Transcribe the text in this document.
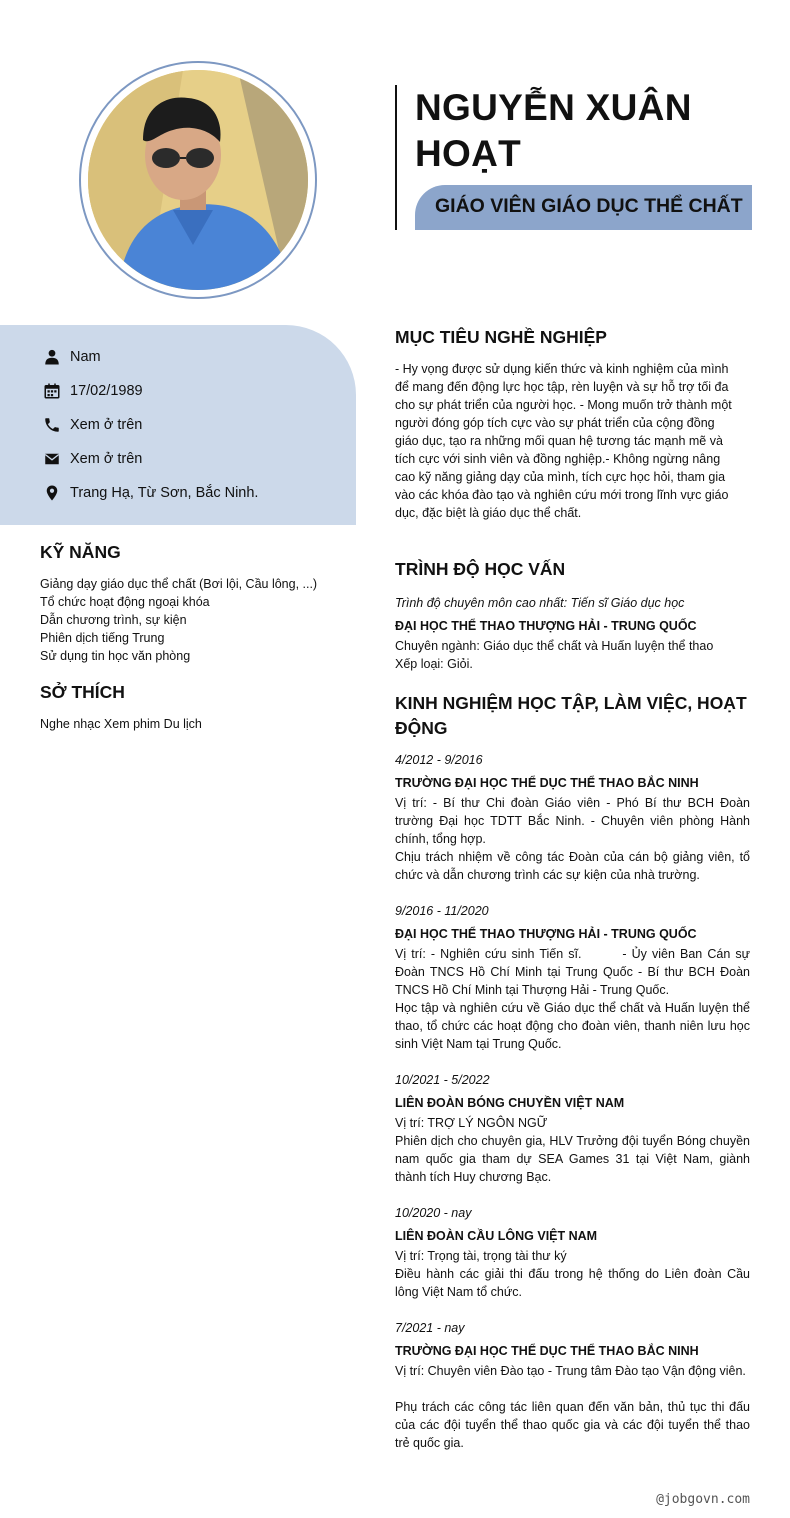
NGUYỄN XUÂN HOẠT
GIÁO VIÊN GIÁO DỤC THỂ CHẤT
Nam
17/02/1989
Xem ở trên
Xem ở trên
Trang Hạ, Từ Sơn, Bắc Ninh.
KỸ NĂNG
Giảng dạy giáo dục thể chất (Bơi lội, Cầu lông, ...)
Tổ chức hoạt động ngoại khóa
Dẫn chương trình, sự kiện
Phiên dịch tiếng Trung
Sử dụng tin học văn phòng
SỞ THÍCH
Nghe nhạc Xem phim Du lịch
MỤC TIÊU NGHỀ NGHIỆP
- Hy vọng được sử dụng kiến thức và kinh nghiệm của mình
để mang đến động lực học tập, rèn luyện và sự hỗ trợ tối đa
cho sự phát triển của người học. - Mong muốn trở thành một
người đóng góp tích cực vào sự phát triển của cộng đồng
giáo dục, tạo ra những mối quan hệ tương tác mạnh mẽ và
tích cực với sinh viên và đồng nghiệp.- Không ngừng nâng
cao kỹ năng giảng dạy của mình, tích cực học hỏi, tham gia
vào các khóa đào tạo và nghiên cứu mới trong lĩnh vực giáo
dục, đặc biệt là giáo dục thể chất.
TRÌNH ĐỘ HỌC VẤN
Trình độ chuyên môn cao nhất: Tiến sĩ Giáo dục học
ĐẠI HỌC THỂ THAO THƯỢNG HẢI - TRUNG QUỐC
Chuyên ngành: Giáo dục thể chất và Huấn luyện thể thao
Xếp loại: Giỏi.
KINH NGHIỆM HỌC TẬP, LÀM VIỆC, HOẠT
ĐỘNG
4/2012 - 9/2016
TRƯỜNG ĐẠI HỌC THỂ DỤC THỂ THAO BẮC NINH
Vị trí: - Bí thư Chi đoàn Giáo viên - Phó Bí thư BCH Đoàn trường Đại học TDTT Bắc Ninh. - Chuyên viên phòng Hành chính, tổng hợp.
Chịu trách nhiệm về công tác Đoàn của cán bộ giảng viên, tổ chức và dẫn chương trình các sự kiện của nhà trường.
9/2016 - 11/2020
ĐẠI HỌC THỂ THAO THƯỢNG HẢI - TRUNG QUỐC
Vị trí: - Nghiên cứu sinh Tiến sĩ.        - Ủy viên Ban Cán sự Đoàn TNCS Hồ Chí Minh tại Trung Quốc - Bí thư BCH Đoàn TNCS Hồ Chí Minh tại Thượng Hải - Trung Quốc.
Học tập và nghiên cứu về Giáo dục thể chất và Huấn luyện thể thao, tổ chức các hoạt động cho đoàn viên, thanh niên lưu học sinh Việt Nam tại Trung Quốc.
10/2021 - 5/2022
LIÊN ĐOÀN BÓNG CHUYỀN VIỆT NAM
Vị trí: TRỢ LÝ NGÔN NGỮ
Phiên dịch cho chuyên gia, HLV Trưởng đội tuyển Bóng chuyền nam quốc gia tham dự SEA Games 31 tại Việt Nam, giành thành tích Huy chương Bạc.
10/2020 - nay
LIÊN ĐOÀN CẦU LÔNG VIỆT NAM
Vị trí: Trọng tài, trọng tài thư ký
Điều hành các giải thi đấu trong hệ thống do Liên đoàn Cầu lông Việt Nam tổ chức.
7/2021 - nay
TRƯỜNG ĐẠI HỌC THỂ DỤC THỂ THAO BẮC NINH
Vị trí: Chuyên viên Đào tạo - Trung tâm Đào tạo Vận động viên.
Phụ trách các công tác liên quan đến văn bản, thủ tục thi đấu của các đội tuyển thể thao quốc gia và các đội tuyển thể thao trẻ quốc gia.
@jobgovn.com
